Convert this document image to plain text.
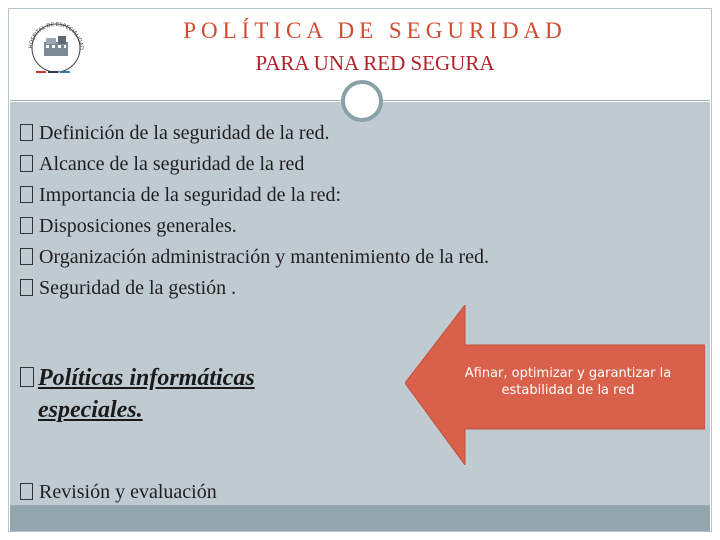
HOSPITAL DE ESPECIALIDAD
POLÍTICA DE SEGURIDAD
PARA UNA RED SEGURA
Definición de la seguridad de la red.
Alcance de la seguridad de la red
Importancia de la seguridad de la red:
Disposiciones generales.
Organización administración y mantenimiento de la red.
Seguridad de la gestión .
Políticas informáticas
especiales.
Revisión y evaluación
Afinar, optimizar y garantizar la estabilidad de la red
